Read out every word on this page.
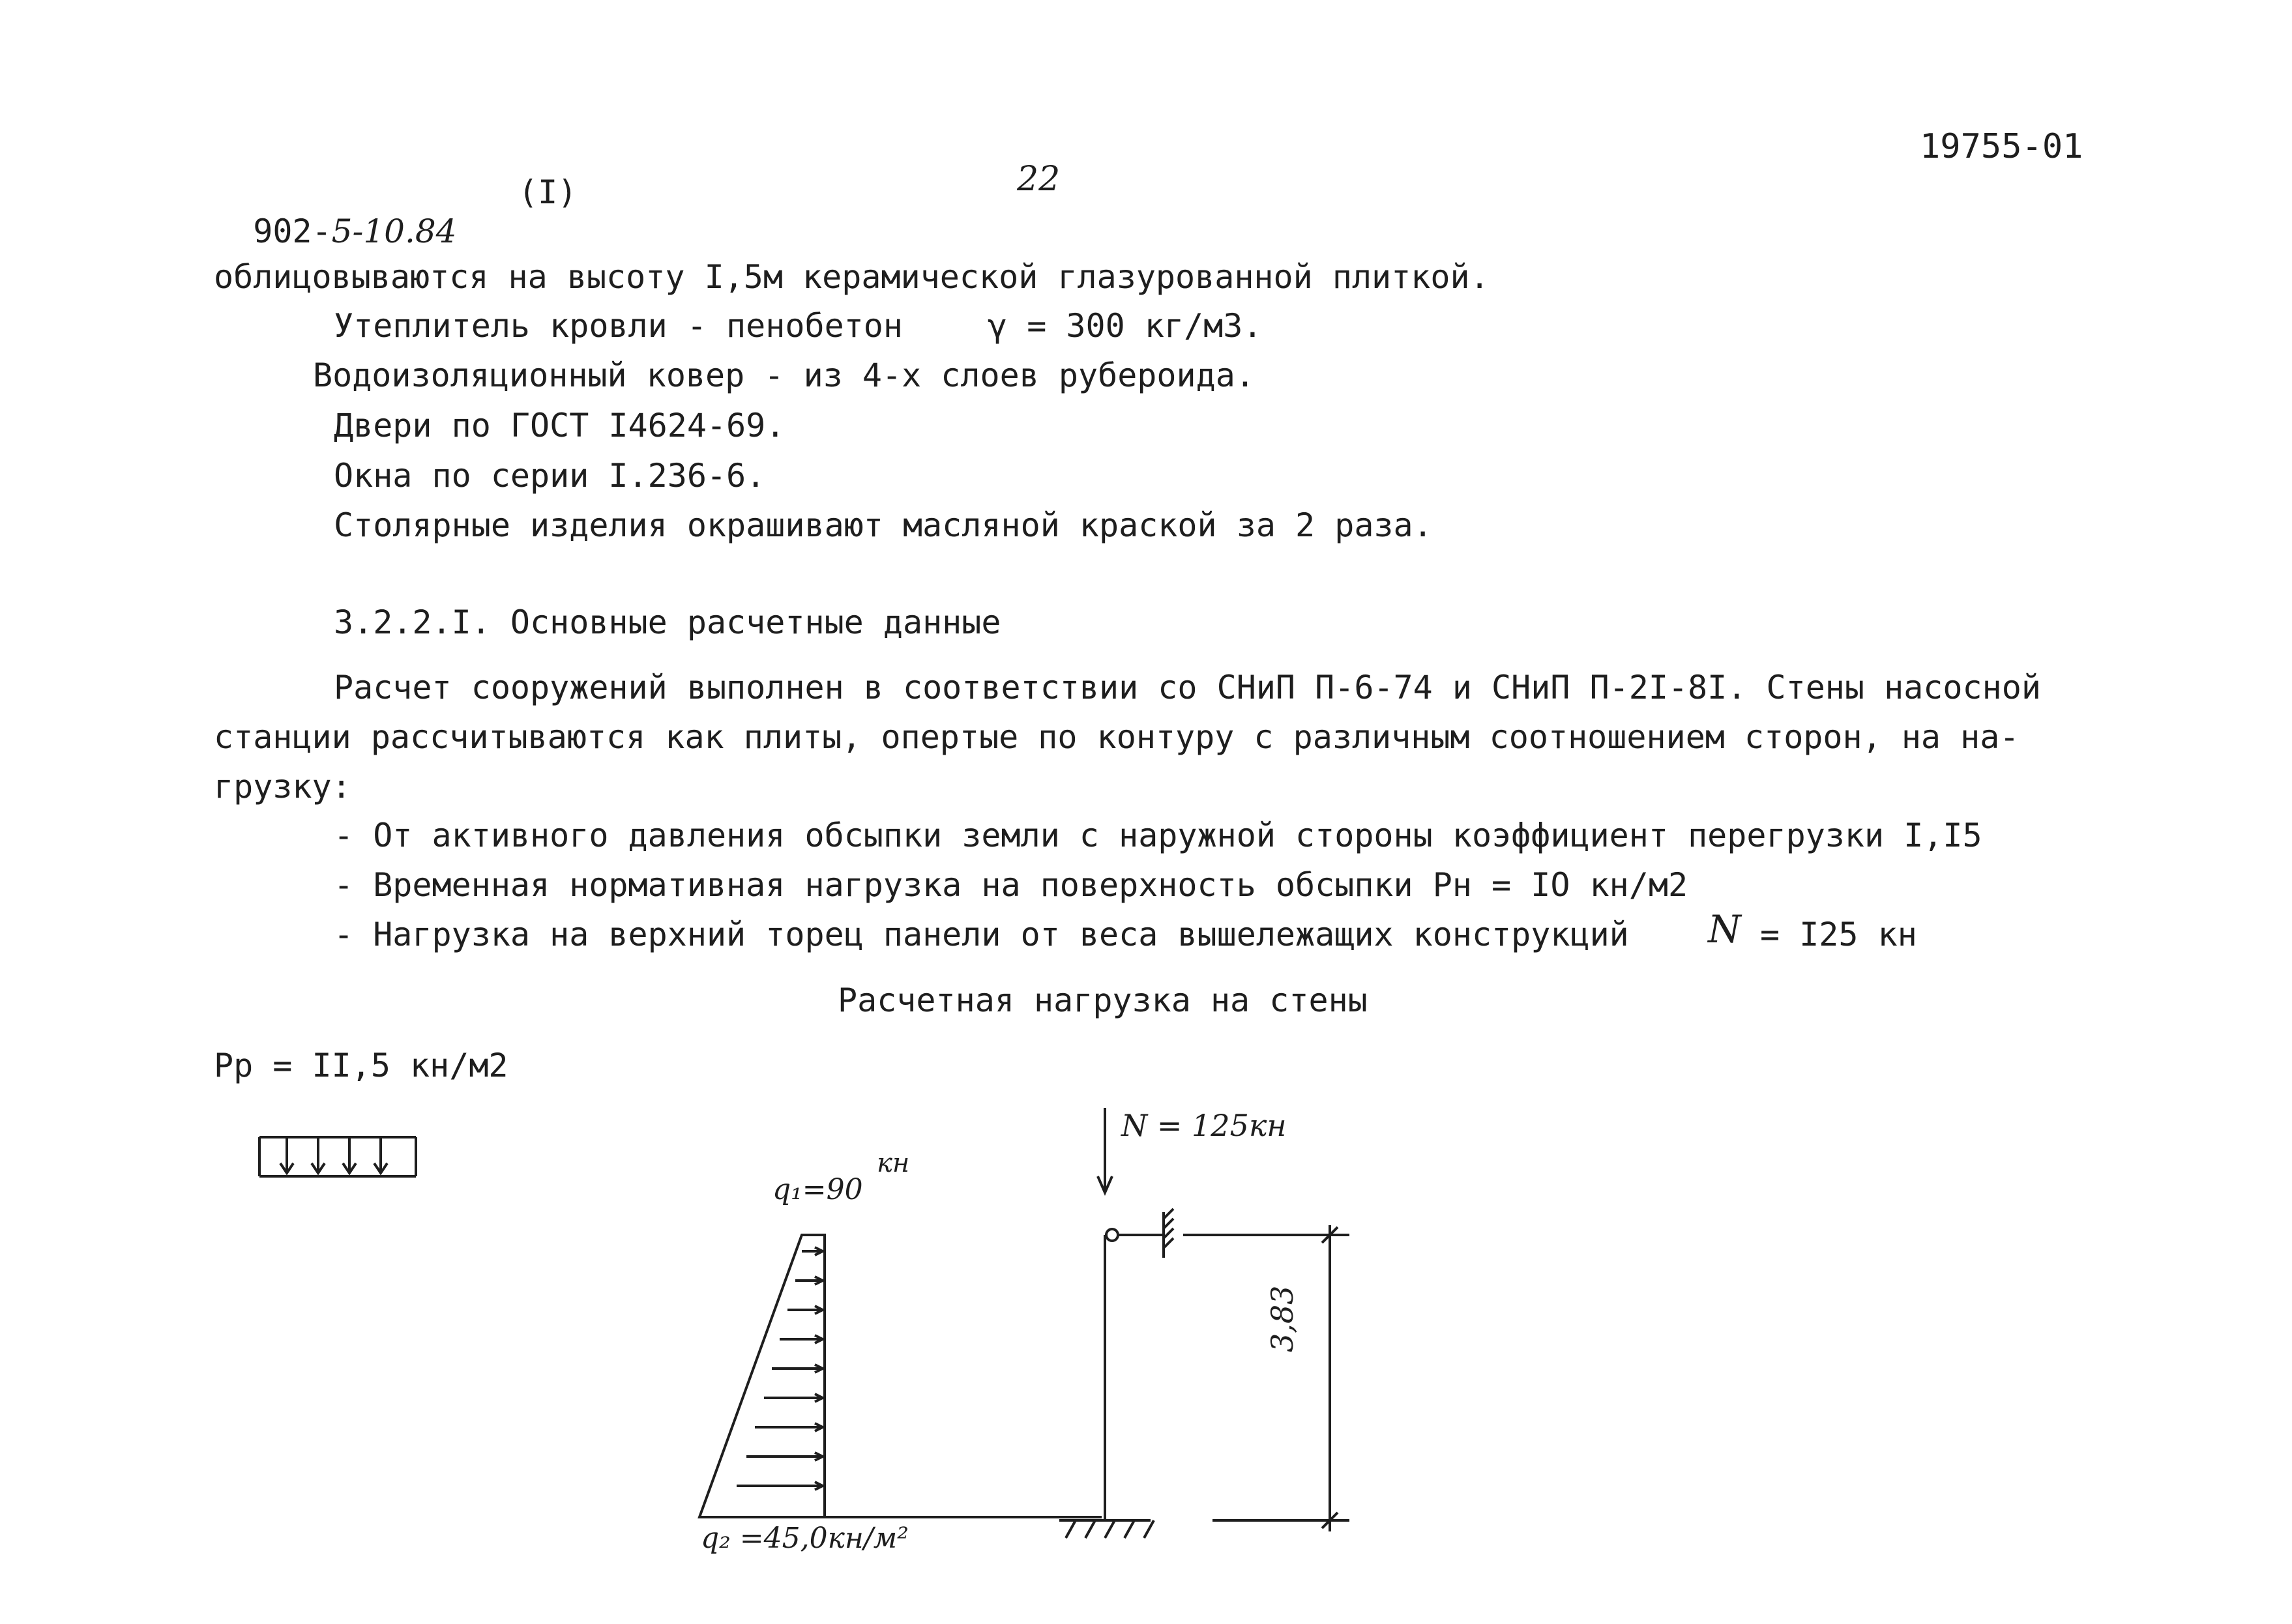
902-5-10.84

(I)	22
19755-01
облицовываются на высоту I,5м керамической глазурованной плиткой.
Утеплитель кровли - пенобетон	γ = 300 кг/м3.
Водоизоляционный ковер - из 4-х слоев рубероида.
Двери по ГОСТ I4624-69.
Окна по серии I.236-6.
Столярные изделия окрашивают масляной краской за 2 раза.
3.2.2.I. Основные расчетные данные
Расчет сооружений выполнен в соответствии со СНиП П-6-74 и СНиП П-2I-8I. Стены насосной
станции рассчитываются как плиты, опертые по контуру с различным соотношением сторон, на на-
грузку:
- От активного давления обсыпки земли с наружной стороны коэффициент перегрузки I,I5
- Временная нормативная нагрузка на поверхность обсыпки Рн = IO кн/м2
- Нагрузка на верхний торец панели от веса вышележащих конструкций N = I25 кн
Расчетная нагрузка на стены
Рр = II,5 кн/м2
q₁=90
кн
q₂ =45,0кн/м²
N = 125кн
3,83
